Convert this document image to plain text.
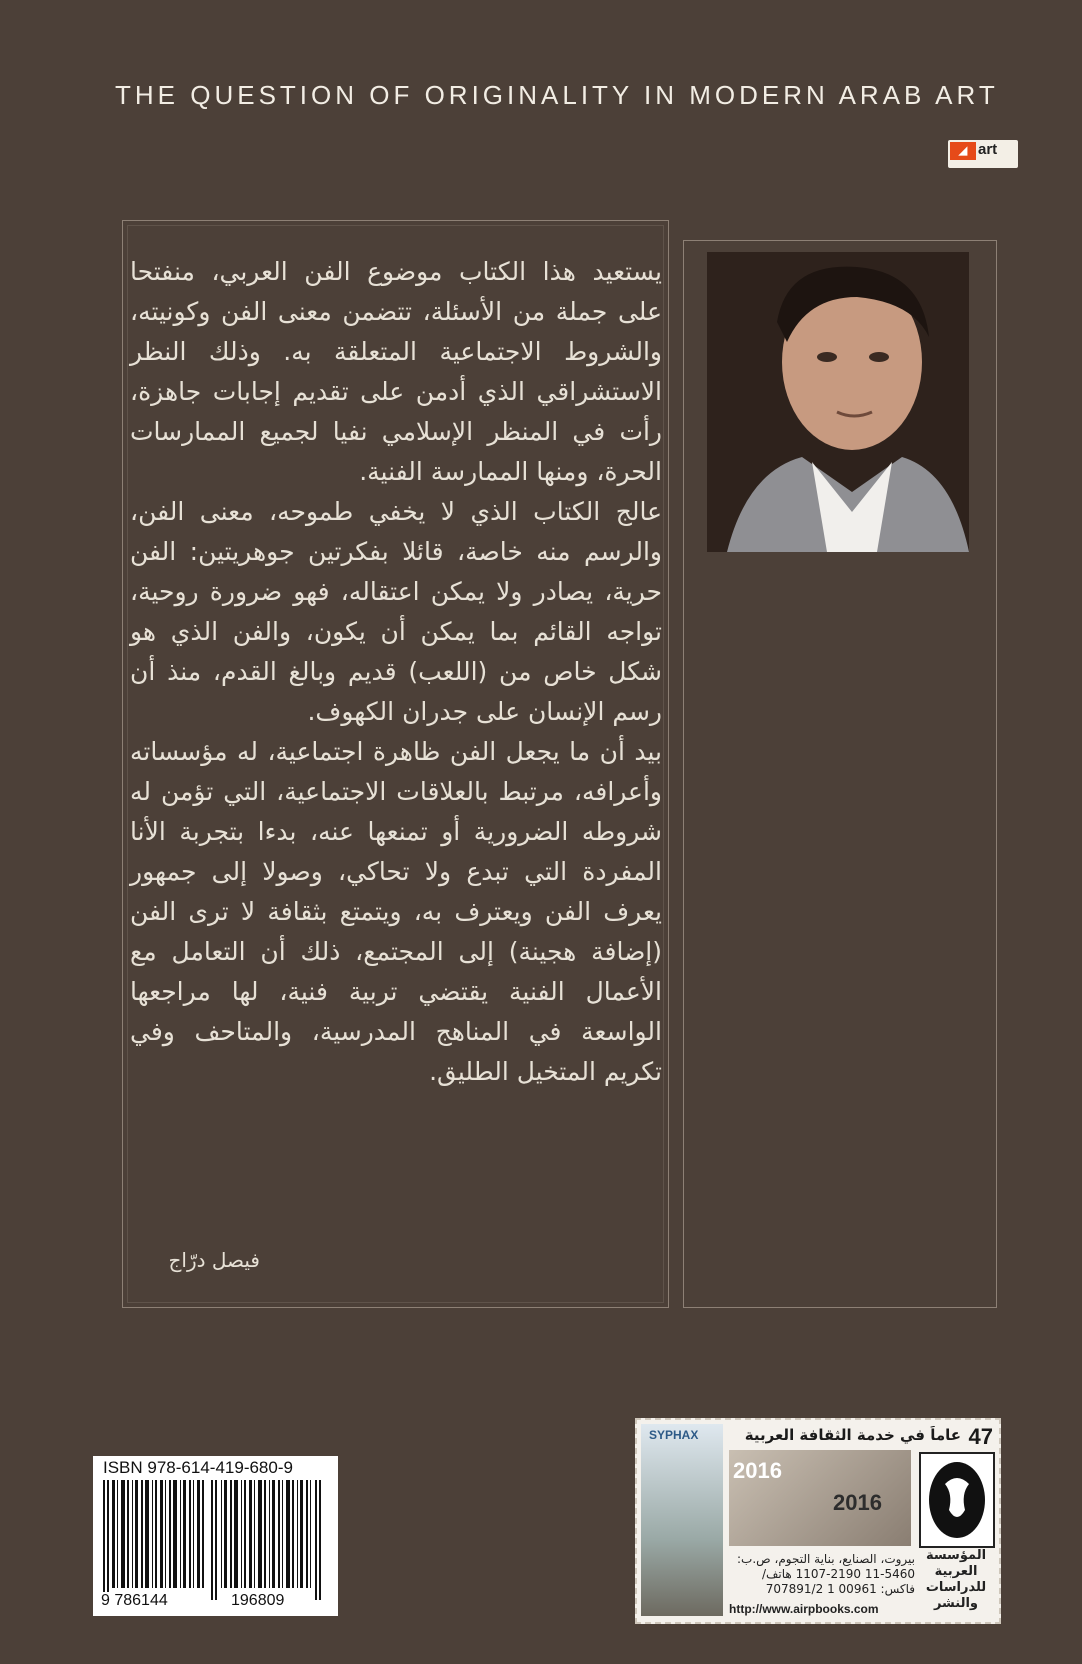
THE QUESTION OF ORIGINALITY IN MODERN ARAB ART
◢ art

يستعيد هذا الكتاب موضوع الفن العربي، منفتحا على جملة من الأسئلة، تتضمن معنى الفن وكونيته، والشروط الاجتماعية المتعلقة به. وذلك النظر الاستشراقي الذي أدمن على تقديم إجابات جاهزة، رأت في المنظر الإسلامي نفيا لجميع الممارسات الحرة، ومنها الممارسة الفنية.

عالج الكتاب الذي لا يخفي طموحه، معنى الفن، والرسم منه خاصة، قائلا بفكرتين جوهريتين: الفن حرية، يصادر ولا يمكن اعتقاله، فهو ضرورة روحية، تواجه القائم بما يمكن أن يكون، والفن الذي هو شكل خاص من (اللعب) قديم وبالغ القدم، منذ أن رسم الإنسان على جدران الكهوف.

بيد أن ما يجعل الفن ظاهرة اجتماعية، له مؤسساته وأعرافه، مرتبط بالعلاقات الاجتماعية، التي تؤمن له شروطه الضرورية أو تمنعها عنه، بدءا بتجربة الأنا المفردة التي تبدع ولا تحاكي، وصولا إلى جمهور يعرف الفن ويعترف به، ويتمتع بثقافة لا ترى الفن (إضافة هجينة) إلى المجتمع، ذلك أن التعامل مع الأعمال الفنية يقتضي تربية فنية، لها مراجعها الواسعة في المناهج المدرسية، والمتاحف وفي تكريم المتخيل الطليق.

فيصل درّاج
ISBN 978-614-419-680-9
9 786144	196809
SYPHAX	عاماً في خدمة الثقافة العربية 47
2016
2016
المؤسسة العربية للدراسات والنشر
بيروت، الصنايع، بناية التجوم، ص.ب: 5460-11 2190-1107 هاتف/فاكس: 00961 1 707891/2
http://www.airpbooks.com
